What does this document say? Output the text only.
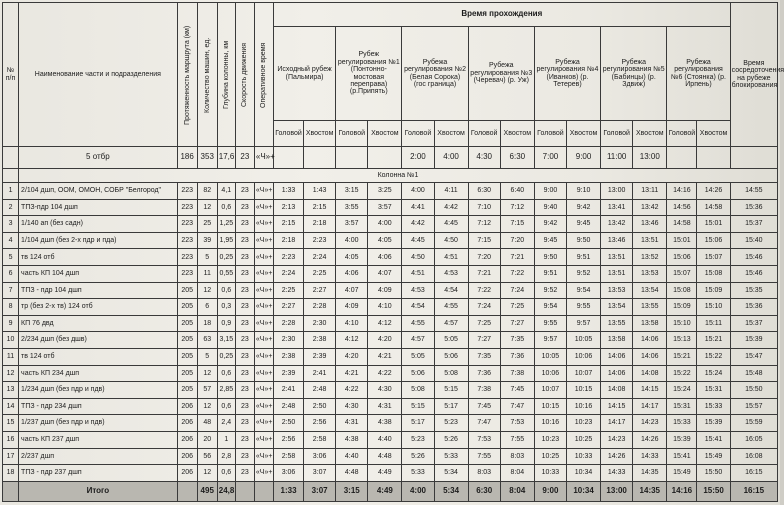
№ п/п	Наименование части и подразделения	Протяженность маршрута (км)	Количество машин, ед.	Глубина колонны, км	Скорость движения	Оперативное время	Время прохождения														Время сосредоточения на рубеже блокирования
							Исходный рубеж (Пальмира)		Рубеж регулирования №1 (Понтонно-мостовая переправа) (р.Припять)		Рубежа регулирования №2 (Белая Сорока) (гос граница)		Рубежа регулирования №3 (Черевач) (р. Уж)		Рубежа регулирования №4 (Иванков) (р. Тетерев)		Рубежа регулирования №5 (Бабинцы) (р. Здвиж)		Рубежа регулирования №6 (Стоянка) (р. Ирпень)		
							Головой	Хвостом	Головой	Хвостом	Головой	Хвостом	Головой	Хвостом	Головой	Хвостом	Головой	Хвостом	Головой	Хвостом	
	5 отбр	186	353	17,6	23	«Ч»+					2:00	4:00	4:30	6:30	7:00	9:00	11:00	13:00			
	Колонна №1																				
1	2/104 дшп, ООМ, ОМОН, СОБР "Белгород"	223	82	4,1	23	«Ч»+	1:33	1:43	3:15	3:25	4:00	4:11	6:30	6:40	9:00	9:10	13:00	13:11	14:16	14:26	14:55
2	ТПЗ-пдр 104 дшп	223	12	0,6	23	«Ч»+	2:13	2:15	3:55	3:57	4:41	4:42	7:10	7:12	9:40	9:42	13:41	13:42	14:56	14:58	15:36
3	1/140 ап (без садн)	223	25	1,25	23	«Ч»+	2:15	2:18	3:57	4:00	4:42	4:45	7:12	7:15	9:42	9:45	13:42	13:46	14:58	15:01	15:37
4	1/104 дшп (без 2-х пдр и пда)	223	39	1,95	23	«Ч»+	2:18	2:23	4:00	4:05	4:45	4:50	7:15	7:20	9:45	9:50	13:46	13:51	15:01	15:06	15:40
5	тв 124 отб	223	5	0,25	23	«Ч»+	2:23	2:24	4:05	4:06	4:50	4:51	7:20	7:21	9:50	9:51	13:51	13:52	15:06	15:07	15:46
6	часть КП 104 дшп	223	11	0,55	23	«Ч»+	2:24	2:25	4:06	4:07	4:51	4:53	7:21	7:22	9:51	9:52	13:51	13:53	15:07	15:08	15:46
7	ТПЗ - пдр 104 дшп	205	12	0,6	23	«Ч»+	2:25	2:27	4:07	4:09	4:53	4:54	7:22	7:24	9:52	9:54	13:53	13:54	15:08	15:09	15:35
8	тр (без 2-х тв) 124 отб	205	6	0,3	23	«Ч»+	2:27	2:28	4:09	4:10	4:54	4:55	7:24	7:25	9:54	9:55	13:54	13:55	15:09	15:10	15:36
9	КП 76 двд	205	18	0,9	23	«Ч»+	2:28	2:30	4:10	4:12	4:55	4:57	7:25	7:27	9:55	9:57	13:55	13:58	15:10	15:11	15:37
10	2/234 дшп (без дшв)	205	63	3,15	23	«Ч»+	2:30	2:38	4:12	4:20	4:57	5:05	7:27	7:35	9:57	10:05	13:58	14:06	15:13	15:21	15:39
11	тв 124 отб	205	5	0,25	23	«Ч»+	2:38	2:39	4:20	4:21	5:05	5:06	7:35	7:36	10:05	10:06	14:06	14:06	15:21	15:22	15:47
12	часть КП 234 дшп	205	12	0,6	23	«Ч»+	2:39	2:41	4:21	4:22	5:06	5:08	7:36	7:38	10:06	10:07	14:06	14:08	15:22	15:24	15:48
13	1/234 дшп (без пдр и пдв)	205	57	2,85	23	«Ч»+	2:41	2:48	4:22	4:30	5:08	5:15	7:38	7:45	10:07	10:15	14:08	14:15	15:24	15:31	15:50
14	ТПЗ - пдр 234 дшп	206	12	0,6	23	«Ч»+	2:48	2:50	4:30	4:31	5:15	5:17	7:45	7:47	10:15	10:16	14:15	14:17	15:31	15:33	15:57
15	1/237 дшп (без пдр и пдв)	206	48	2,4	23	«Ч»+	2:50	2:56	4:31	4:38	5:17	5:23	7:47	7:53	10:16	10:23	14:17	14:23	15:33	15:39	15:59
16	часть КП 237 дшп	206	20	1	23	«Ч»+	2:56	2:58	4:38	4:40	5:23	5:26	7:53	7:55	10:23	10:25	14:23	14:26	15:39	15:41	16:05
17	2/237 дшп	206	56	2,8	23	«Ч»+	2:58	3:06	4:40	4:48	5:26	5:33	7:55	8:03	10:25	10:33	14:26	14:33	15:41	15:49	16:08
18	ТПЗ - пдр 237 дшп	206	12	0,6	23	«Ч»+	3:06	3:07	4:48	4:49	5:33	5:34	8:03	8:04	10:33	10:34	14:33	14:35	15:49	15:50	16:15
	Итого		495	24,8			1:33	3:07	3:15	4:49	4:00	5:34	6:30	8:04	9:00	10:34	13:00	14:35	14:16	15:50	16:15
